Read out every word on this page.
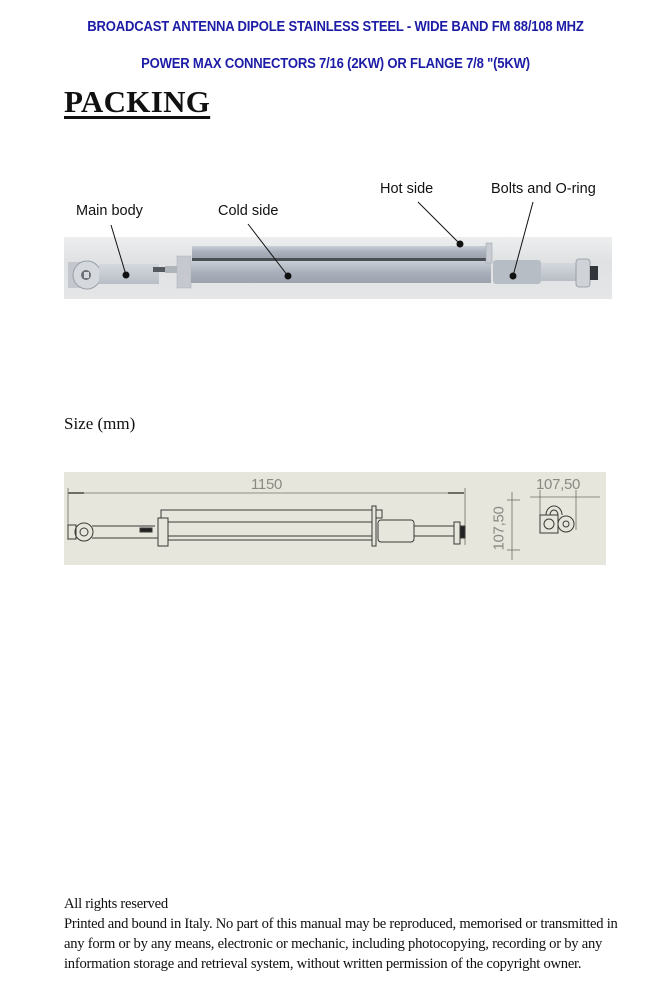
BROADCAST ANTENNA DIPOLE STAINLESS STEEL - WIDE BAND FM 88/108 MHZ
POWER MAX CONNECTORS 7/16 (2KW) OR FLANGE 7/8 "(5KW)
PACKING
Main body	Cold side
Hot side	Bolts and O-ring
Size (mm)
1150	107,50
107,50
All rights reserved
Printed and bound in Italy. No part of this manual may be reproduced, memorised or transmitted in
any form or by any means, electronic or mechanic, including photocopying, recording or by any
information storage and retrieval system, without written permission of the copyright owner.
